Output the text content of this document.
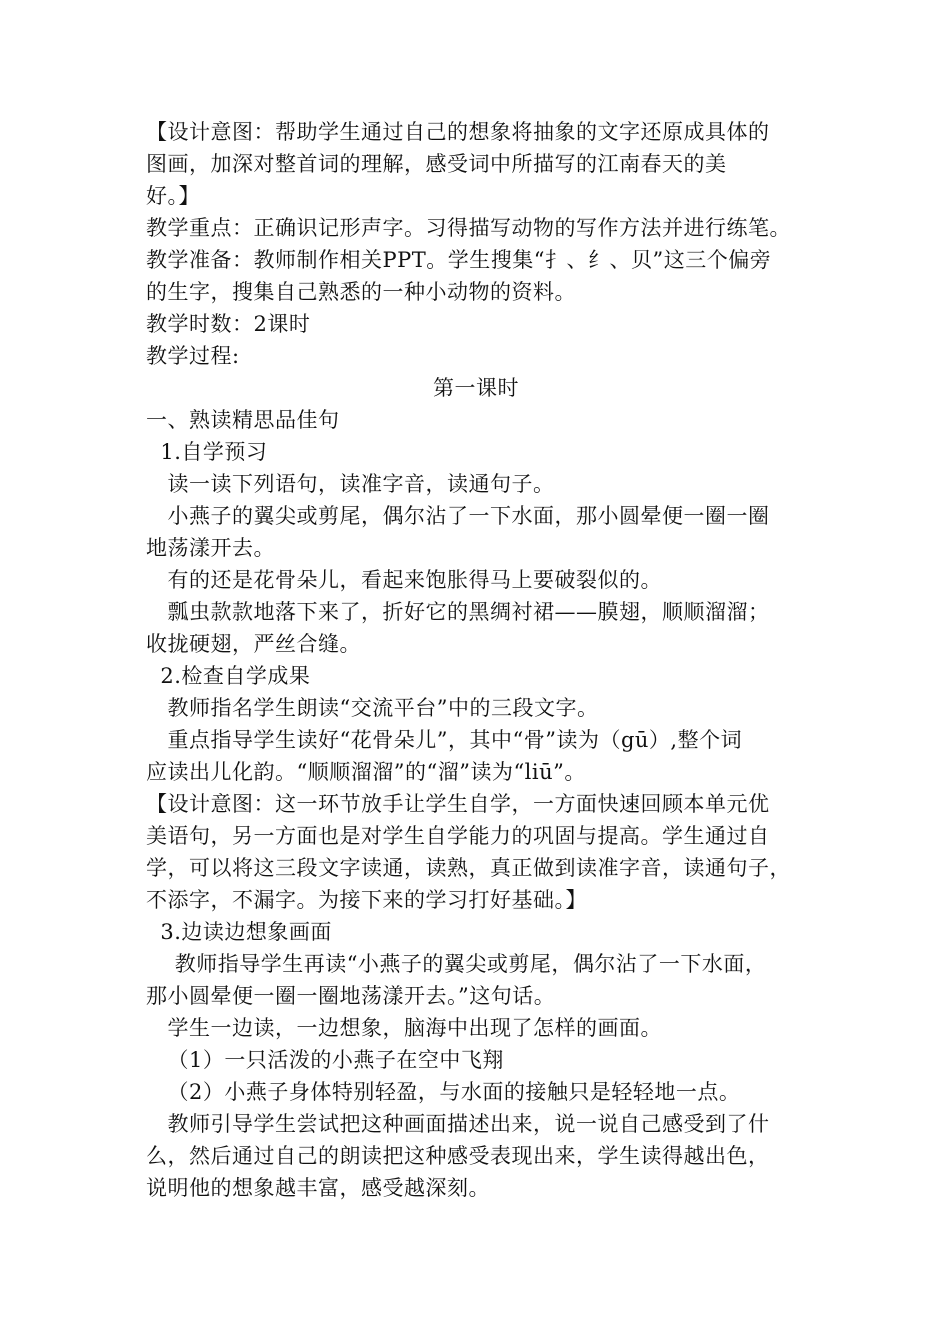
【设计意图：帮助学生通过自己的想象将抽象的文字还原成具体的
图画，加深对整首词的理解，感受词中所描写的江南春天的美
好。】
教学重点：正确识记形声字。习得描写动物的写作方法并进行练笔。
教学准备：教师制作相关PPT。学生搜集“扌、纟、贝”这三个偏旁
的生字，搜集自己熟悉的一种小动物的资料。
教学时数：2课时
教学过程:
第一课时
一、熟读精思品佳句
1.自学预习
读一读下列语句，读准字音，读通句子。
小燕子的翼尖或剪尾，偶尔沾了一下水面，那小圆晕便一圈一圈
地荡漾开去。
有的还是花骨朵儿，看起来饱胀得马上要破裂似的。
瓢虫款款地落下来了，折好它的黑绸衬裙——膜翅，顺顺溜溜；
收拢硬翅，严丝合缝。
2.检查自学成果
教师指名学生朗读“交流平台”中的三段文字。
重点指导学生读好“花骨朵儿”，其中“骨”读为（gū）,整个词
应读出儿化韵。“顺顺溜溜”的“溜”读为“liū”。
【设计意图：这一环节放手让学生自学，一方面快速回顾本单元优
美语句，另一方面也是对学生自学能力的巩固与提高。学生通过自
学，可以将这三段文字读通，读熟，真正做到读准字音，读通句子，
不添字，不漏字。为接下来的学习打好基础。】
3.边读边想象画面
教师指导学生再读“小燕子的翼尖或剪尾，偶尔沾了一下水面，
那小圆晕便一圈一圈地荡漾开去。”这句话。
学生一边读，一边想象，脑海中出现了怎样的画面。
（1）一只活泼的小燕子在空中飞翔
（2）小燕子身体特别轻盈，与水面的接触只是轻轻地一点。
教师引导学生尝试把这种画面描述出来，说一说自己感受到了什
么，然后通过自己的朗读把这种感受表现出来，学生读得越出色，
说明他的想象越丰富，感受越深刻。
